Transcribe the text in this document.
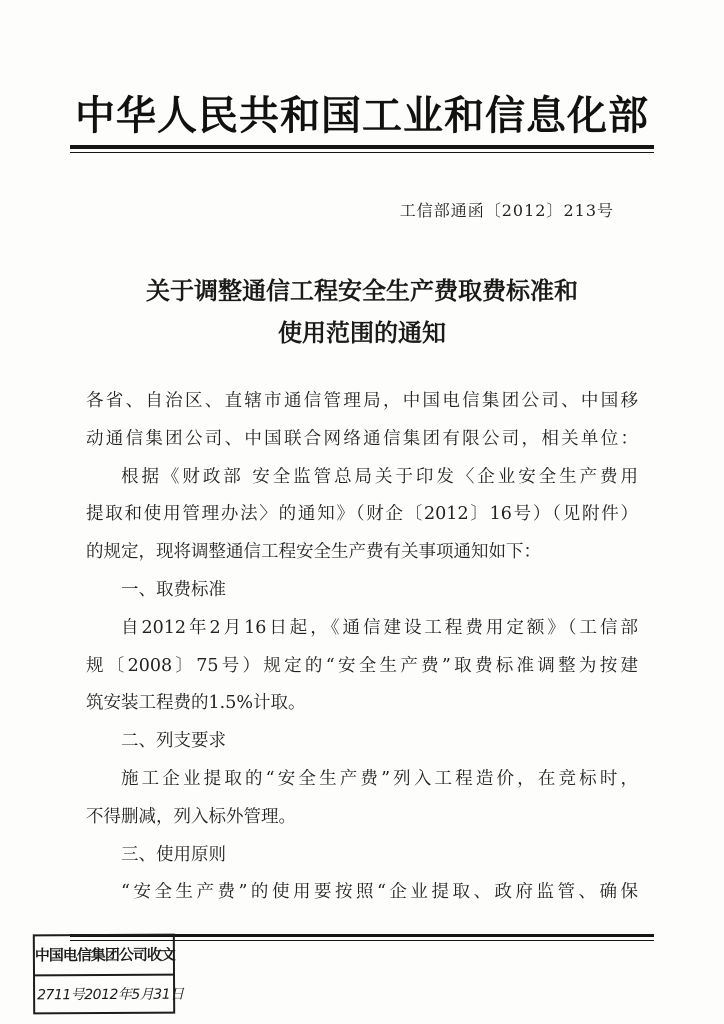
中华人民共和国工业和信息化部
工信部通函〔2012〕213号
关于调整通信工程安全生产费取费标准和
使用范围的通知
各省、自治区、直辖市通信管理局，中国电信集团公司、中国移
动通信集团公司、中国联合网络通信集团有限公司，相关单位：
根据《财政部 安全监管总局关于印发〈企业安全生产费用
提取和使用管理办法〉的通知》（财企〔2012〕16号）（见附件）
的规定，现将调整通信工程安全生产费有关事项通知如下：
一、取费标准
自2012年2月16日起，《通信建设工程费用定额》（工信部
规〔2008〕75号）规定的“安全生产费”取费标准调整为按建
筑安装工程费的1.5%计取。
二、列支要求
施工企业提取的“安全生产费”列入工程造价，在竞标时，
不得删减，列入标外管理。
三、使用原则
“安全生产费”的使用要按照“企业提取、政府监管、确保
中国电信集团公司收文
2711号2012年5月31日
